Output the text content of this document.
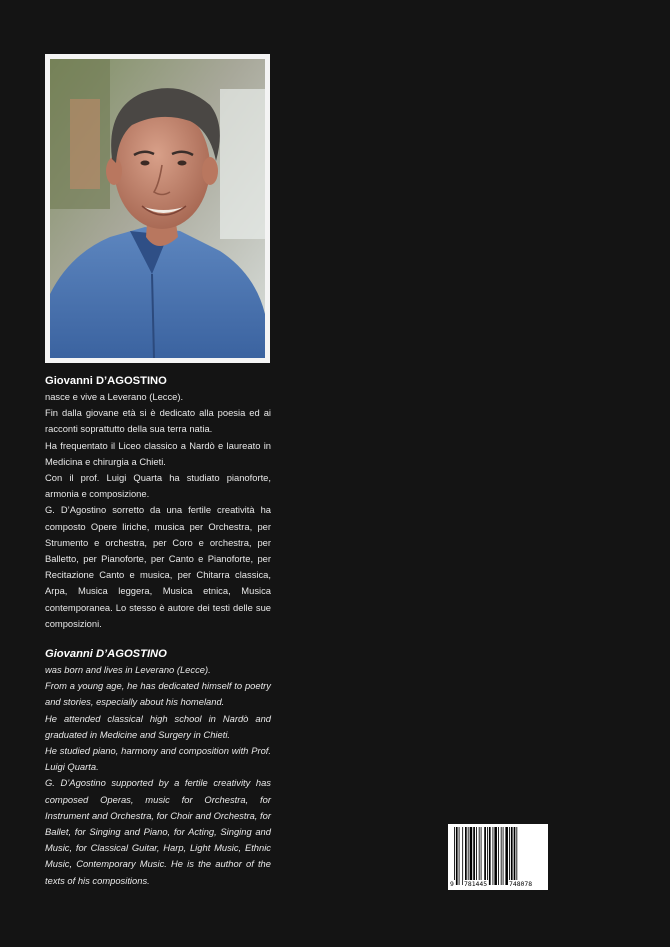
Giovanni D’AGOSTINO

nasce e vive a Leverano (Lecce).

Fin dalla giovane età si è dedicato alla poesia ed ai racconti soprattutto della sua terra natia.

Ha frequentato il Liceo classico a Nardò e laureato in Medicina e chirurgia a Chieti.

Con il prof. Luigi Quarta ha studiato pianoforte, armonia e composizione.

G. D’Agostino sorretto da una fertile creatività ha composto Opere liriche, musica per Orchestra, per Strumento e orchestra, per Coro e orchestra, per Balletto, per Pianoforte, per Canto e Pianoforte, per Recitazione Canto e musica, per Chitarra classica, Arpa, Musica leggera, Musica etnica, Musica contemporanea. Lo stesso è autore dei testi delle sue composizioni.

Giovanni D’AGOSTINO

was born and lives in Leverano (Lecce).

From a young age, he has dedicated himself to poetry and stories, especially about his homeland.

He attended classical high school in Nardò and graduated in Medicine and Surgery in Chieti.

He studied piano, harmony and composition with Prof. Luigi Quarta.

G. D’Agostino supported by a fertile creativity has composed Operas, music for Orchestra, for Instrument and Orchestra, for Choir and Orchestra, for Ballet, for Singing and Piano, for Acting, Singing and Music, for Classical Guitar, Harp, Light Music, Ethnic Music, Contemporary Music. He is the author of the texts of his compositions.	9 781445	748078
